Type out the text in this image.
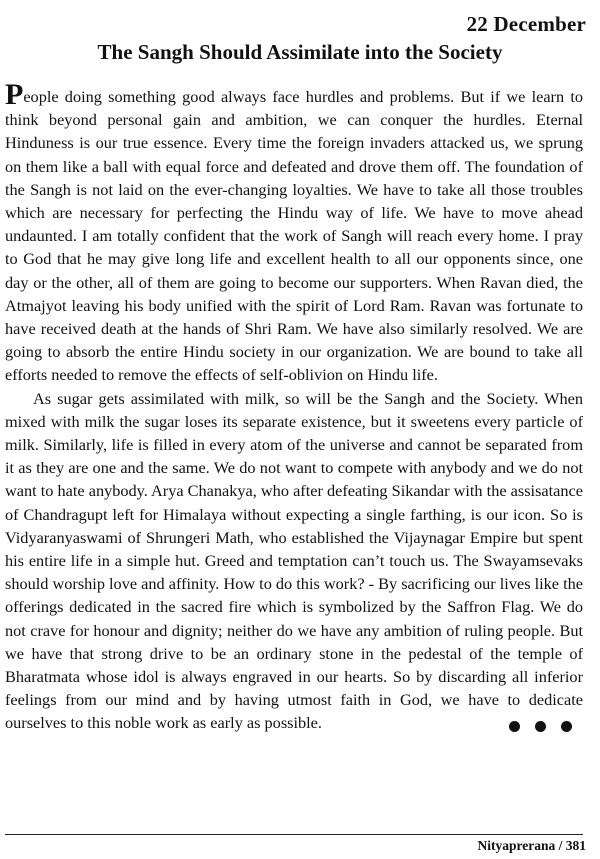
22 December
The Sangh Should Assimilate into the Society

People doing something good always face hurdles and problems. But if we learn to think beyond personal gain and ambition, we can conquer the hurdles. Eternal Hinduness is our true essence. Every time the foreign invaders attacked us, we sprung on them like a ball with equal force and defeated and drove them off. The foundation of the Sangh is not laid on the ever-changing loyalties. We have to take all those troubles which are necessary for perfecting the Hindu way of life. We have to move ahead undaunted. I am totally confident that the work of Sangh will reach every home. I pray to God that he may give long life and excellent health to all our opponents since, one day or the other, all of them are going to become our supporters. When Ravan died, the Atmajyot leaving his body unified with the spirit of Lord Ram. Ravan was fortunate to have received death at the hands of Shri Ram. We have also similarly resolved. We are going to absorb the entire Hindu society in our organization. We are bound to take all efforts needed to remove the effects of self-oblivion on Hindu life.

As sugar gets assimilated with milk, so will be the Sangh and the Society. When mixed with milk the sugar loses its separate existence, but it sweetens every particle of milk. Similarly, life is filled in every atom of the universe and cannot be separated from it as they are one and the same. We do not want to compete with anybody and we do not want to hate anybody. Arya Chanakya, who after defeating Sikandar with the assisatance of Chandragupt left for Himalaya without expecting a single farthing, is our icon. So is Vidyaranyaswami of Shrungeri Math, who established the Vijaynagar Empire but spent his entire life in a simple hut. Greed and temptation can’t touch us. The Swayamsevaks should worship love and affinity. How to do this work? - By sacrificing our lives like the offerings dedicated in the sacred fire which is symbolized by the Saffron Flag. We do not crave for honour and dignity; neither do we have any ambition of ruling people. But we have that strong drive to be an ordinary stone in the pedestal of the temple of Bharatmata whose idol is always engraved in our hearts. So by discarding all inferior feelings from our mind and by having utmost faith in God, we have to dedicate ourselves to this noble work as early as possible.

Nityaprerana / 381
